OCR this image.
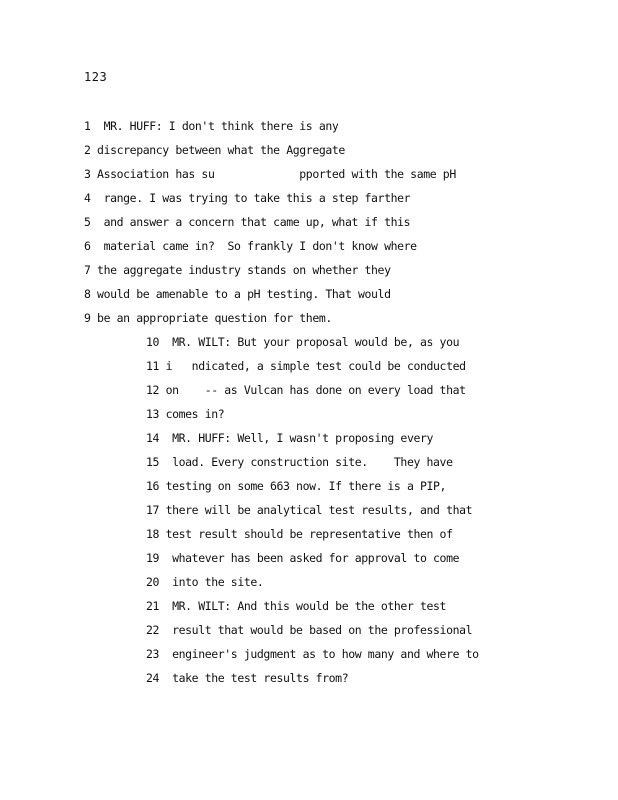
123
1  MR. HUFF: I don't think there is any
2 discrepancy between what the Aggregate
3 Association has su             pported with the same pH
4  range. I was trying to take this a step farther
5  and answer a concern that came up, what if this
6  material came in?  So frankly I don't know where
7 the aggregate industry stands on whether they
8 would be amenable to a pH testing. That would
9 be an appropriate question for them.
10  MR. WILT: But your proposal would be, as you
11 i   ndicated, a simple test could be conducted
12 on    -- as Vulcan has done on every load that
13 comes in?
14  MR. HUFF: Well, I wasn't proposing every
15  load. Every construction site.    They have
16 testing on some 663 now. If there is a PIP,
17 there will be analytical test results, and that
18 test result should be representative then of
19  whatever has been asked for approval to come
20  into the site.
21  MR. WILT: And this would be the other test
22  result that would be based on the professional
23  engineer's judgment as to how many and where to
24  take the test results from?
